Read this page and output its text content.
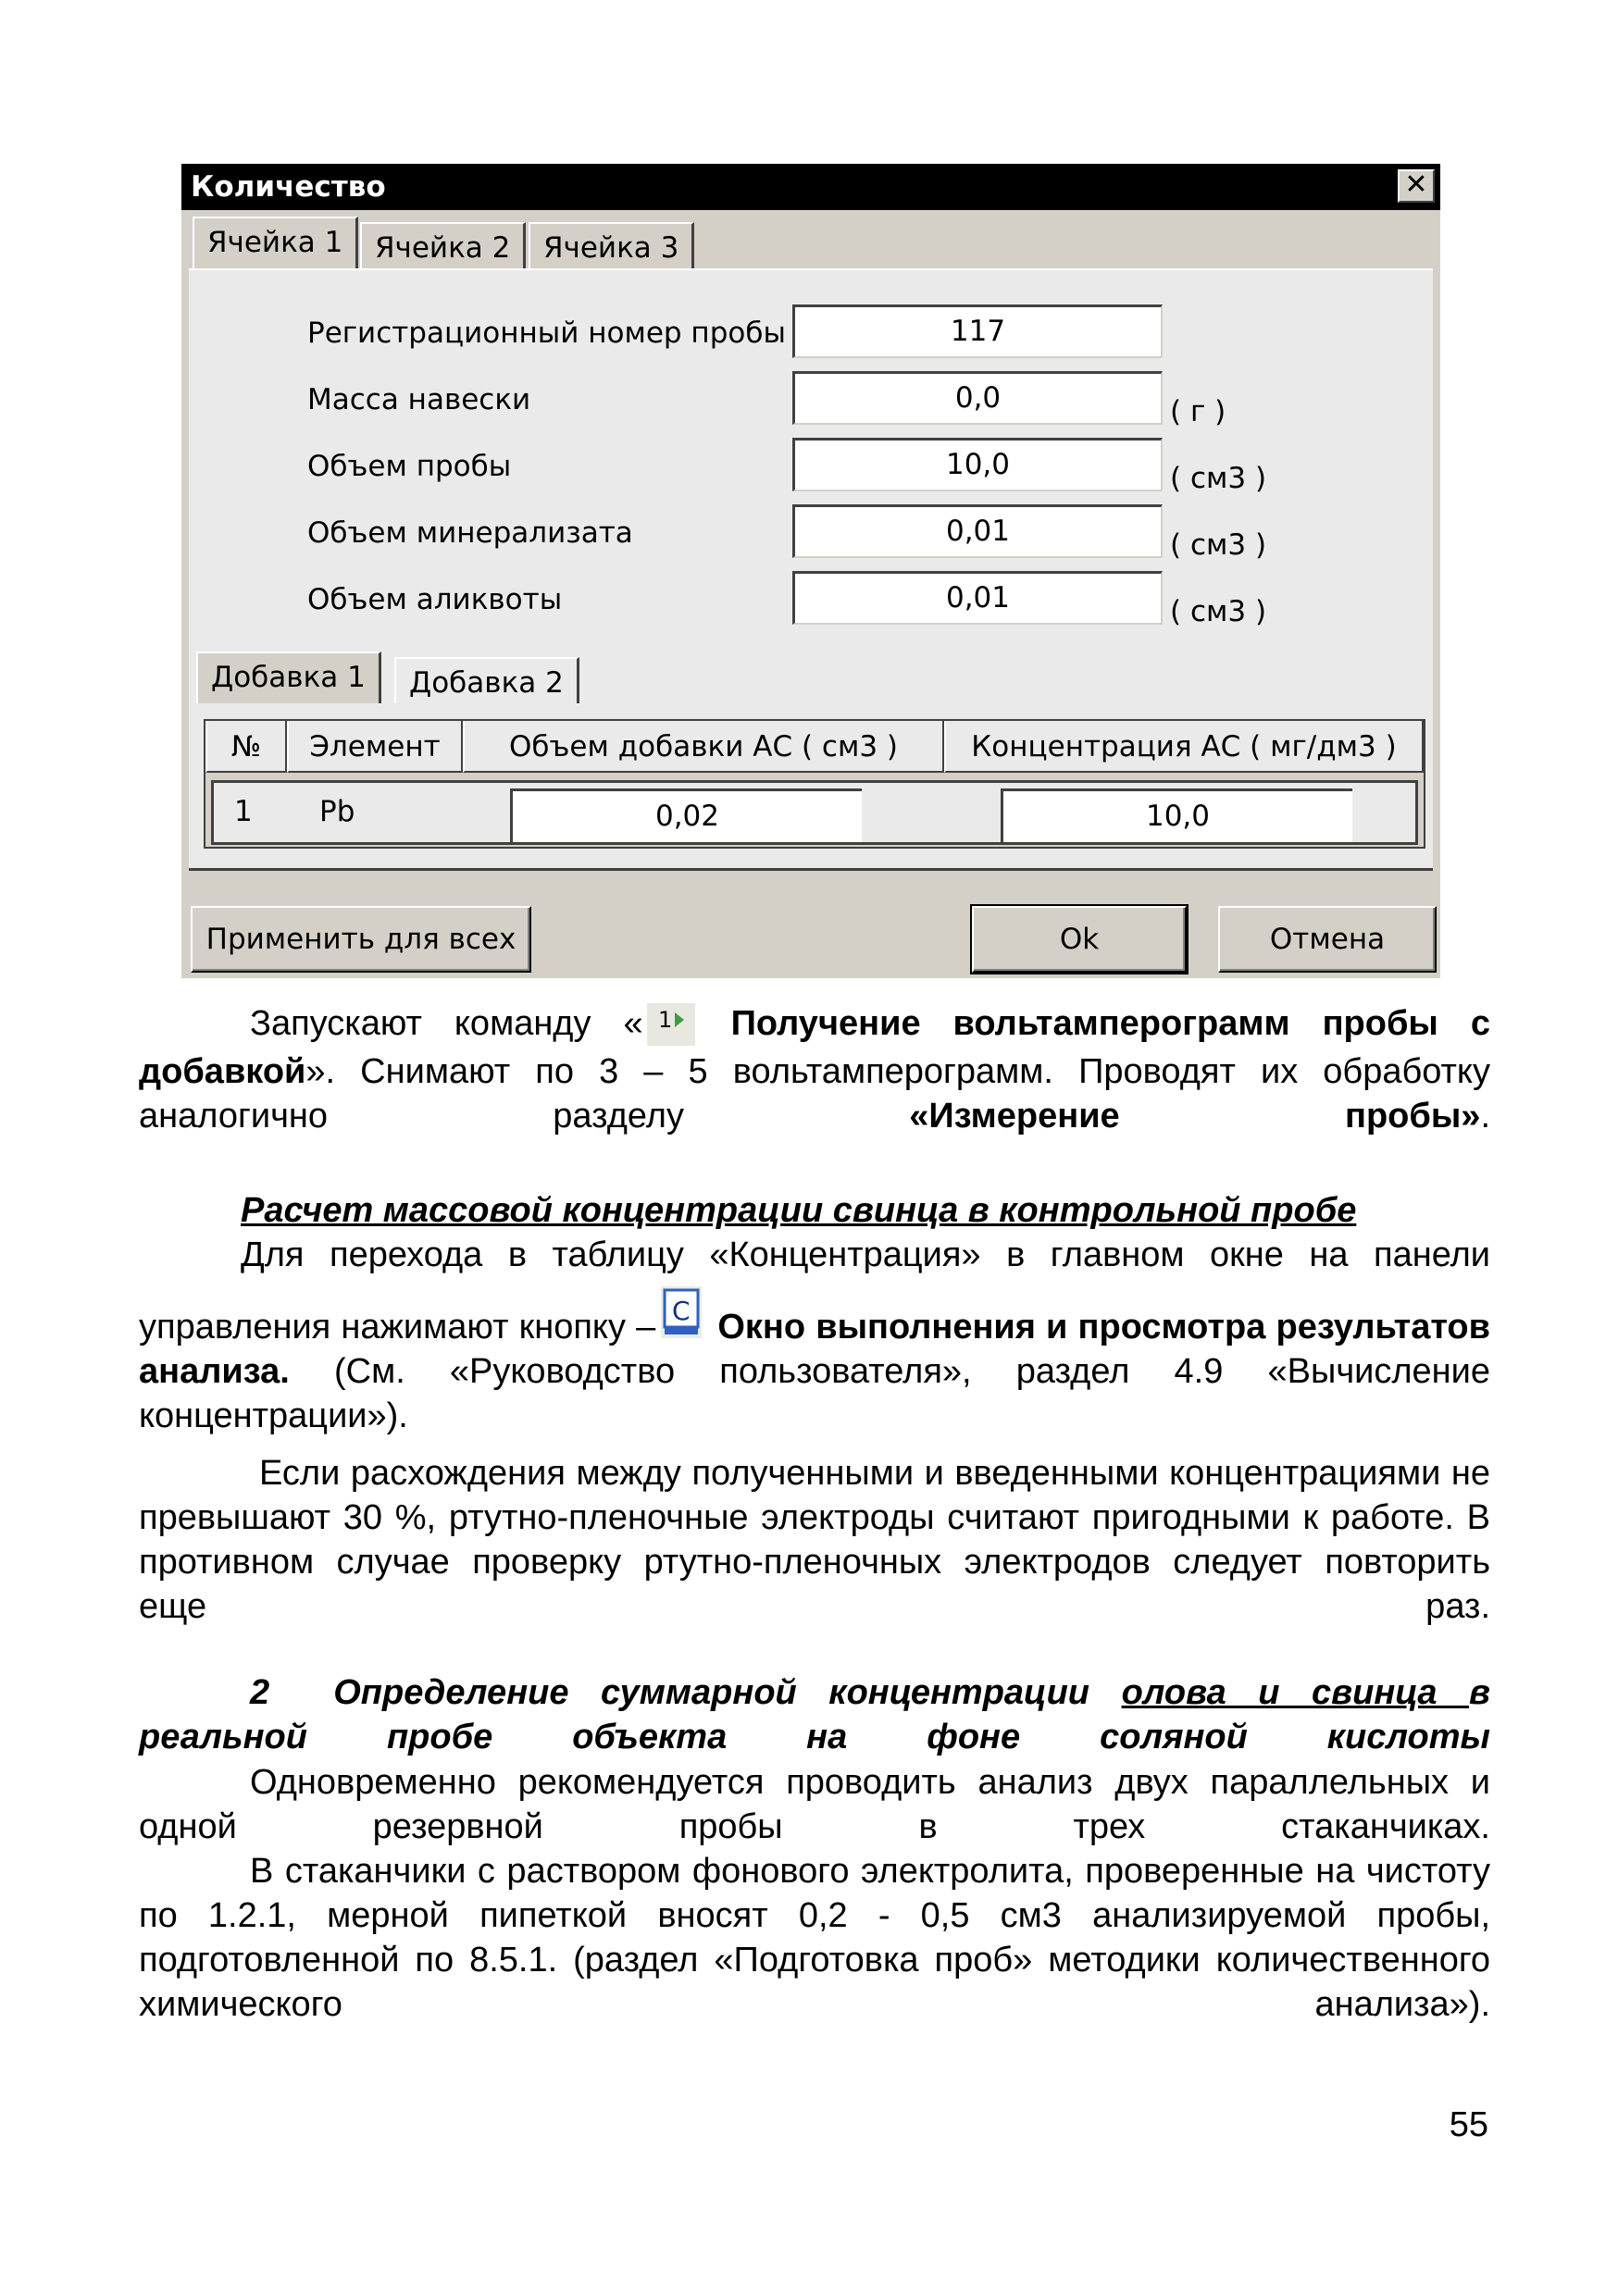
Количество	✕
Ячейка 1	Ячейка 2	Ячейка 3
Регистрационный номер пробы	117
Масса навески	0,0	( г )
Объем пробы	10,0	( см3 )
Объем минерализата	0,01	( см3 )
Объем аликвоты	0,01	( см3 )
Добавка 1	Добавка 2
№	Элемент	Объем добавки АС ( см3 )	Концентрация АС ( мг/дм3 )
1 Pb	0,02	10,0
Применить для всех	Ok	Отмена
Запускают команду « 1 Получение вольтамперограмм пробы с добавкой». Снимают по 3 – 5 вольтамперограмм. Проводят их обработку аналогично разделу «Измерение пробы».
Расчет массовой концентрации свинца в контрольной пробе
Для перехода в таблицу «Концентрация» в главном окне на панели
управления нажимают кнопку – C Окно выполнения и просмотра результатов анализа. (См. «Руководство пользователя», раздел 4.9 «Вычисление концентрации»).
Если расхождения между полученными и введенными концентрациями не превышают 30 %, ртутно-пленочные электроды считают пригодными к работе. В противном случае проверку ртутно-пленочных электродов следует повторить еще раз.
2 Определение суммарной концентрации олова и свинца в реальной пробе объекта на фоне соляной кислоты
Одновременно рекомендуется проводить анализ двух параллельных и одной резервной пробы в трех стаканчиках.
В стаканчики с раствором фонового электролита, проверенные на чистоту по 1.2.1, мерной пипеткой вносят 0,2 - 0,5 см3 анализируемой пробы, подготовленной по 8.5.1. (раздел «Подготовка проб» методики количественного химического анализа»).
55
